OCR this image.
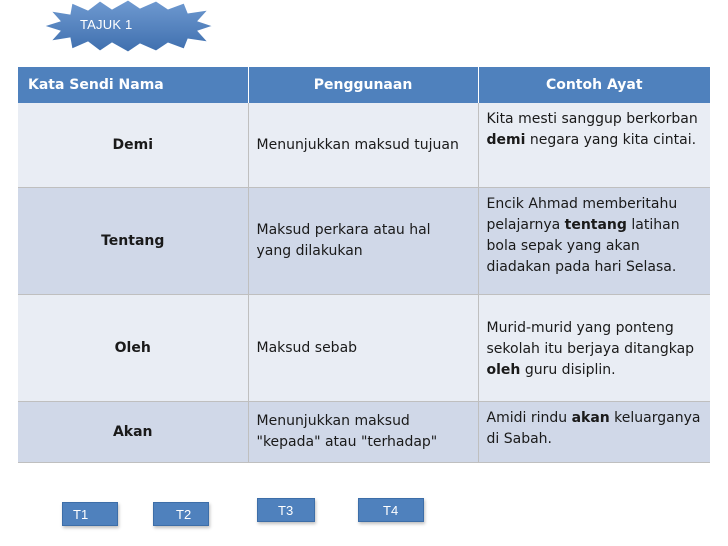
TAJUK 1
Kata Sendi Nama	Penggunaan	Contoh Ayat
Demi	Menunjukkan maksud tujuan	Kita mesti sanggup berkorban demi negara yang kita cintai.
Tentang	Maksud perkara atau hal yang dilakukan	Encik Ahmad memberitahu pelajarnya tentang latihan bola sepak yang akan diadakan pada hari Selasa.
Oleh	Maksud sebab	Murid-murid yang ponteng sekolah itu berjaya ditangkap oleh guru disiplin.
Akan	Menunjukkan maksud "kepada" atau "terhadap"	Amidi rindu akan keluarganya di Sabah.
T1	T2	T3	T4
